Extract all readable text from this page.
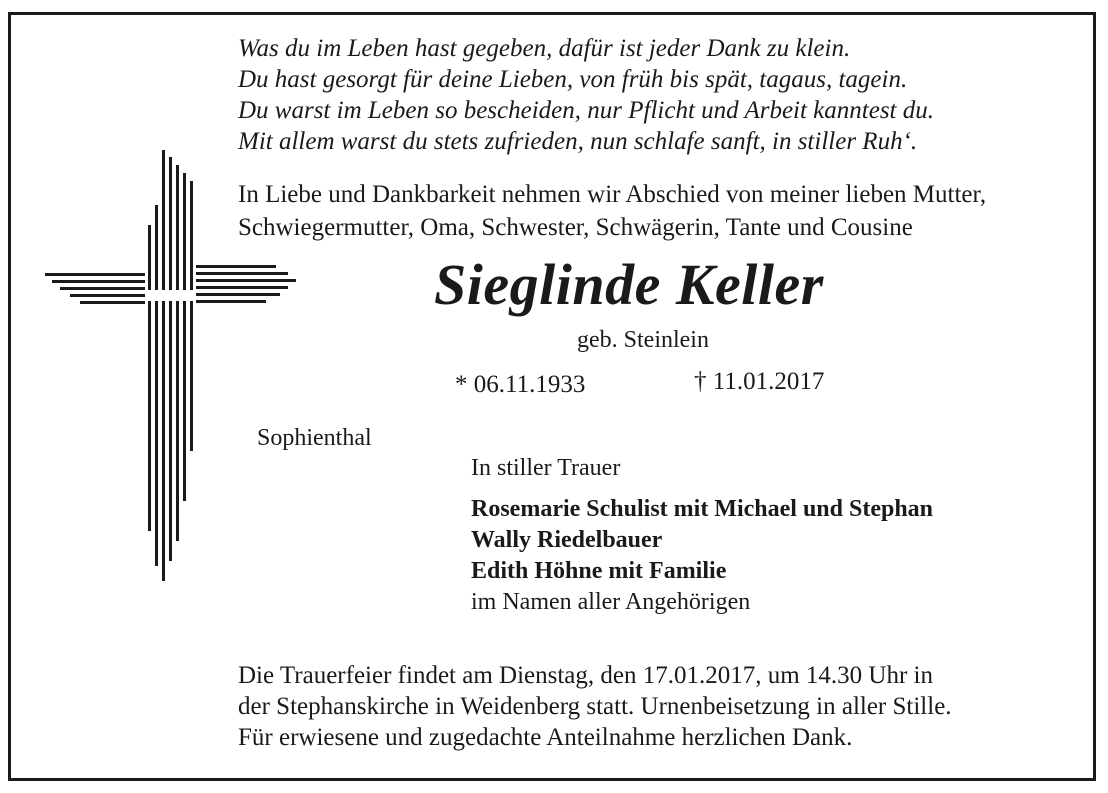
Was du im Leben hast gegeben, dafür ist jeder Dank zu klein.
Du hast gesorgt für deine Lieben, von früh bis spät, tagaus, tagein.
Du warst im Leben so bescheiden, nur Pflicht und Arbeit kanntest du.
Mit allem warst du stets zufrieden, nun schlafe sanft, in stiller Ruh‘.
In Liebe und Dankbarkeit nehmen wir Abschied von meiner lieben Mutter,
Schwiegermutter, Oma, Schwester, Schwägerin, Tante und Cousine
Sieglinde Keller
geb. Steinlein
* 06.11.1933	† 11.01.2017
Sophienthal
In stiller Trauer
Rosemarie Schulist mit Michael und Stephan
Wally Riedelbauer
Edith Höhne mit Familie
im Namen aller Angehörigen
Die Trauerfeier findet am Dienstag, den 17.01.2017, um 14.30 Uhr in
der Stephanskirche in Weidenberg statt. Urnenbeisetzung in aller Stille.
Für erwiesene und zugedachte Anteilnahme herzlichen Dank.
